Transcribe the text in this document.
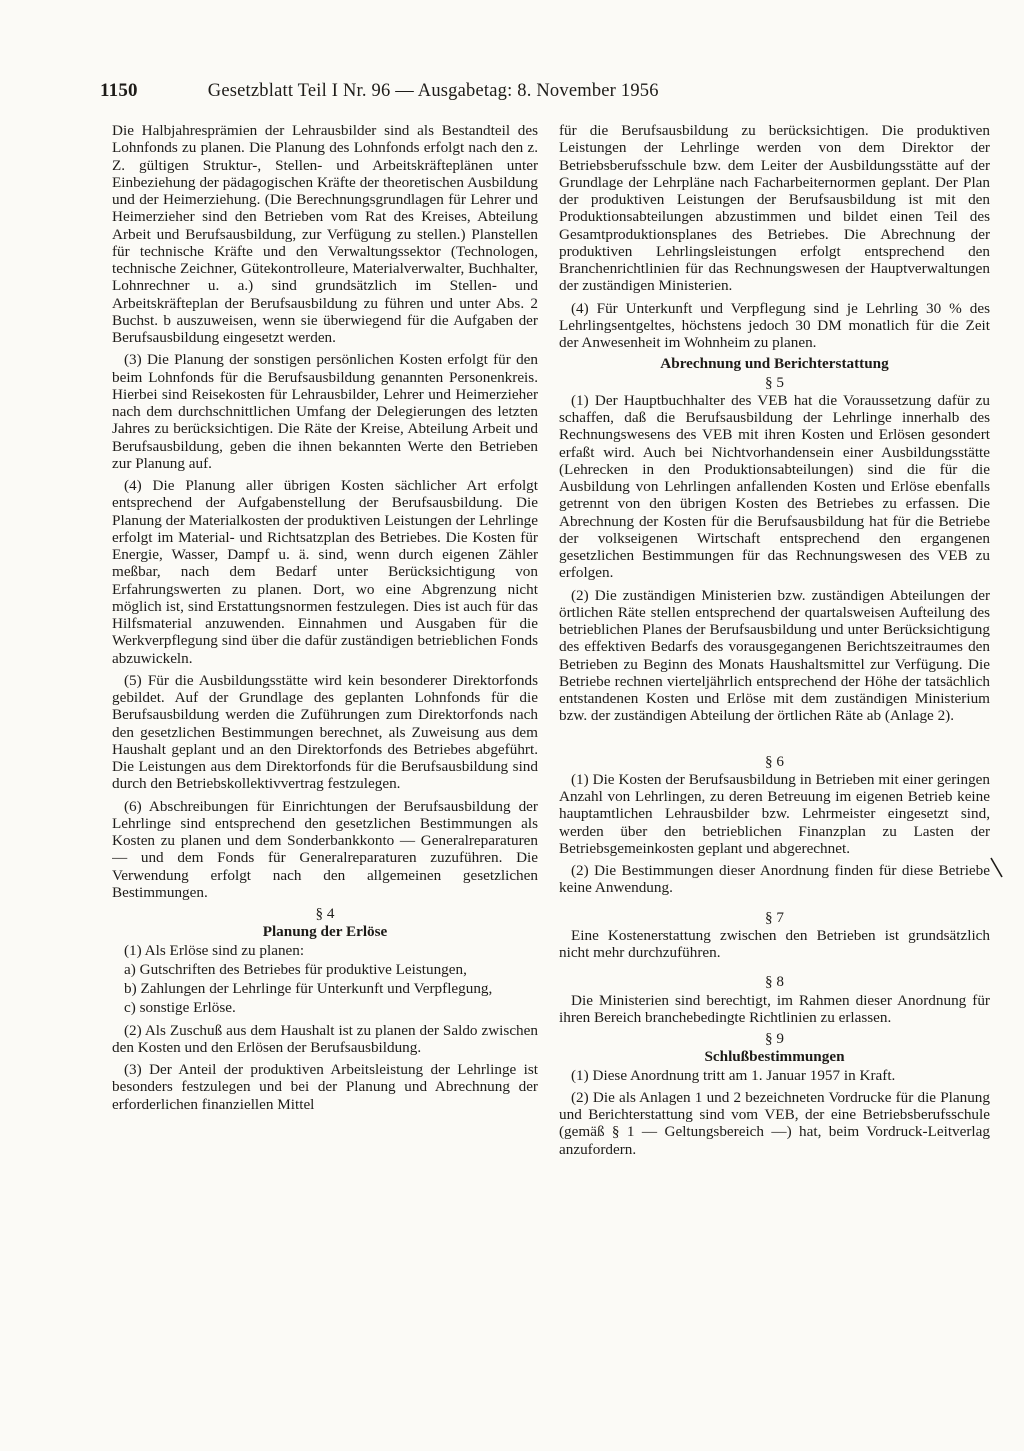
1150	Gesetzblatt Teil I Nr. 96 — Ausgabetag: 8. November 1956

Die Halbjahresprämien der Lehrausbilder sind als Bestandteil des Lohnfonds zu planen. Die Planung des Lohnfonds erfolgt nach den z. Z. gültigen Struktur-, Stellen- und Arbeitskräfteplänen unter Einbeziehung der pädagogischen Kräfte der theoretischen Ausbildung und der Heimerziehung. (Die Berechnungsgrundlagen für Lehrer und Heimerzieher sind den Betrieben vom Rat des Kreises, Abteilung Arbeit und Berufsausbildung, zur Verfügung zu stellen.) Planstellen für technische Kräfte und den Verwaltungssektor (Technologen, technische Zeichner, Gütekontrolleure, Materialverwalter, Buchhalter, Lohnrechner u. a.) sind grundsätzlich im Stellen- und Arbeitskräfteplan der Berufsausbildung zu führen und unter Abs. 2 Buchst. b auszuweisen, wenn sie überwiegend für die Aufgaben der Berufsausbildung eingesetzt werden.

(3) Die Planung der sonstigen persönlichen Kosten erfolgt für den beim Lohnfonds für die Berufsausbildung genannten Personenkreis. Hierbei sind Reisekosten für Lehrausbilder, Lehrer und Heimerzieher nach dem durchschnittlichen Umfang der Delegierungen des letzten Jahres zu berücksichtigen. Die Räte der Kreise, Abteilung Arbeit und Berufsausbildung, geben die ihnen bekannten Werte den Betrieben zur Planung auf.

(4) Die Planung aller übrigen Kosten sächlicher Art erfolgt entsprechend der Aufgabenstellung der Berufsausbildung. Die Planung der Materialkosten der produktiven Leistungen der Lehrlinge erfolgt im Material- und Richtsatzplan des Betriebes. Die Kosten für Energie, Wasser, Dampf u. ä. sind, wenn durch eigenen Zähler meßbar, nach dem Bedarf unter Berücksichtigung von Erfahrungswerten zu planen. Dort, wo eine Abgrenzung nicht möglich ist, sind Erstattungsnormen festzulegen. Dies ist auch für das Hilfsmaterial anzuwenden. Einnahmen und Ausgaben für die Werkverpflegung sind über die dafür zuständigen betrieblichen Fonds abzuwickeln.

(5) Für die Ausbildungsstätte wird kein besonderer Direktorfonds gebildet. Auf der Grundlage des geplanten Lohnfonds für die Berufsausbildung werden die Zuführungen zum Direktorfonds nach den gesetzlichen Bestimmungen berechnet, als Zuweisung aus dem Haushalt geplant und an den Direktorfonds des Betriebes abgeführt. Die Leistungen aus dem Direktorfonds für die Berufsausbildung sind durch den Betriebskollektivvertrag festzulegen.

(6) Abschreibungen für Einrichtungen der Berufsausbildung der Lehrlinge sind entsprechend den gesetzlichen Bestimmungen als Kosten zu planen und dem Sonderbankkonto — Generalreparaturen — und dem Fonds für Generalreparaturen zuzuführen. Die Verwendung erfolgt nach den allgemeinen gesetzlichen Bestimmungen.

§ 4
Planung der Erlöse

(1) Als Erlöse sind zu planen:

a) Gutschriften des Betriebes für produktive Leistungen,

b) Zahlungen der Lehrlinge für Unterkunft und Verpflegung,

c) sonstige Erlöse.

(2) Als Zuschuß aus dem Haushalt ist zu planen der Saldo zwischen den Kosten und den Erlösen der Berufsausbildung.

(3) Der Anteil der produktiven Arbeitsleistung der Lehrlinge ist besonders festzulegen und bei der Planung und Abrechnung der erforderlichen finanziellen Mittel

für die Berufsausbildung zu berücksichtigen. Die produktiven Leistungen der Lehrlinge werden von dem Direktor der Betriebsberufsschule bzw. dem Leiter der Ausbildungsstätte auf der Grundlage der Lehrpläne nach Facharbeiternormen geplant. Der Plan der produktiven Leistungen der Berufsausbildung ist mit den Produktionsabteilungen abzustimmen und bildet einen Teil des Gesamtproduktionsplanes des Betriebes. Die Abrechnung der produktiven Lehrlingsleistungen erfolgt entsprechend den Branchenrichtlinien für das Rechnungswesen der Hauptverwaltungen der zuständigen Ministerien.

(4) Für Unterkunft und Verpflegung sind je Lehrling 30 % des Lehrlingsentgeltes, höchstens jedoch 30 DM monatlich für die Zeit der Anwesenheit im Wohnheim zu planen.

Abrechnung und Berichterstattung
§ 5

(1) Der Hauptbuchhalter des VEB hat die Voraussetzung dafür zu schaffen, daß die Berufsausbildung der Lehrlinge innerhalb des Rechnungswesens des VEB mit ihren Kosten und Erlösen gesondert erfaßt wird. Auch bei Nichtvorhandensein einer Ausbildungsstätte (Lehrecken in den Produktionsabteilungen) sind die für die Ausbildung von Lehrlingen anfallenden Kosten und Erlöse ebenfalls getrennt von den übrigen Kosten des Betriebes zu erfassen. Die Abrechnung der Kosten für die Berufsausbildung hat für die Betriebe der volkseigenen Wirtschaft entsprechend den ergangenen gesetzlichen Bestimmungen für das Rechnungswesen des VEB zu erfolgen.

(2) Die zuständigen Ministerien bzw. zuständigen Abteilungen der örtlichen Räte stellen entsprechend der quartalsweisen Aufteilung des betrieblichen Planes der Berufsausbildung und unter Berücksichtigung des effektiven Bedarfs des vorausgegangenen Berichtszeitraumes den Betrieben zu Beginn des Monats Haushaltsmittel zur Verfügung. Die Betriebe rechnen vierteljährlich entsprechend der Höhe der tatsächlich entstandenen Kosten und Erlöse mit dem zuständigen Ministerium bzw. der zuständigen Abteilung der örtlichen Räte ab (Anlage 2).

§ 6

(1) Die Kosten der Berufsausbildung in Betrieben mit einer geringen Anzahl von Lehrlingen, zu deren Betreuung im eigenen Betrieb keine hauptamtlichen Lehrausbilder bzw. Lehrmeister eingesetzt sind, werden über den betrieblichen Finanzplan zu Lasten der Betriebsgemeinkosten geplant und abgerechnet.

(2) Die Bestimmungen dieser Anordnung finden für diese Betriebe keine Anwendung.

§ 7

Eine Kostenerstattung zwischen den Betrieben ist grundsätzlich nicht mehr durchzuführen.

§ 8

Die Ministerien sind berechtigt, im Rahmen dieser Anordnung für ihren Bereich branchebedingte Richtlinien zu erlassen.

§ 9
Schlußbestimmungen

(1) Diese Anordnung tritt am 1. Januar 1957 in Kraft.

(2) Die als Anlagen 1 und 2 bezeichneten Vordrucke für die Planung und Berichterstattung sind vom VEB, der eine Betriebsberufsschule (gemäß § 1 — Geltungsbereich —) hat, beim Vordruck-Leitverlag anzufordern.
